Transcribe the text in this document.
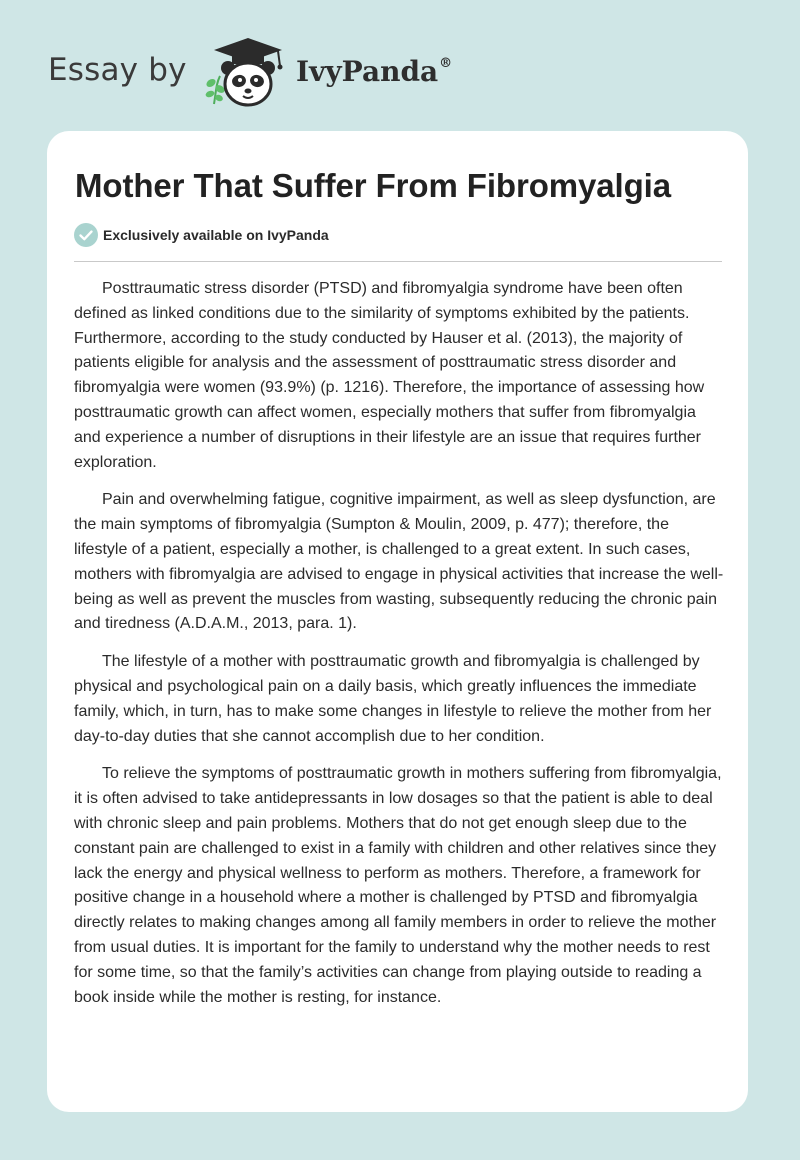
Essay by	IvyPanda®
Mother That Suffer From Fibromyalgia
Exclusively available on IvyPanda

Posttraumatic stress disorder (PTSD) and fibromyalgia syndrome have been often defined as linked conditions due to the similarity of symptoms exhibited by the patients. Furthermore, according to the study conducted by Hauser et al. (2013), the majority of patients eligible for analysis and the assessment of posttraumatic stress disorder and fibromyalgia were women (93.9%) (p. 1216). Therefore, the importance of assessing how posttraumatic growth can affect women, especially mothers that suffer from fibromyalgia and experience a number of disruptions in their lifestyle are an issue that requires further exploration.

Pain and overwhelming fatigue, cognitive impairment, as well as sleep dysfunction, are the main symptoms of fibromyalgia (Sumpton & Moulin, 2009, p. 477); therefore, the lifestyle of a patient, especially a mother, is challenged to a great extent. In such cases, mothers with fibromyalgia are advised to engage in physical activities that increase the well-being as well as prevent the muscles from wasting, subsequently reducing the chronic pain and tiredness (A.D.A.M., 2013, para. 1).

The lifestyle of a mother with posttraumatic growth and fibromyalgia is challenged by physical and psychological pain on a daily basis, which greatly influences the immediate family, which, in turn, has to make some changes in lifestyle to relieve the mother from her day-to-day duties that she cannot accomplish due to her condition.

To relieve the symptoms of posttraumatic growth in mothers suffering from fibromyalgia, it is often advised to take antidepressants in low dosages so that the patient is able to deal with chronic sleep and pain problems. Mothers that do not get enough sleep due to the constant pain are challenged to exist in a family with children and other relatives since they lack the energy and physical wellness to perform as mothers. Therefore, a framework for positive change in a household where a mother is challenged by PTSD and fibromyalgia directly relates to making changes among all family members in order to relieve the mother from usual duties. It is important for the family to understand why the mother needs to rest for some time, so that the family’s activities can change from playing outside to reading a book inside while the mother is resting, for instance.
